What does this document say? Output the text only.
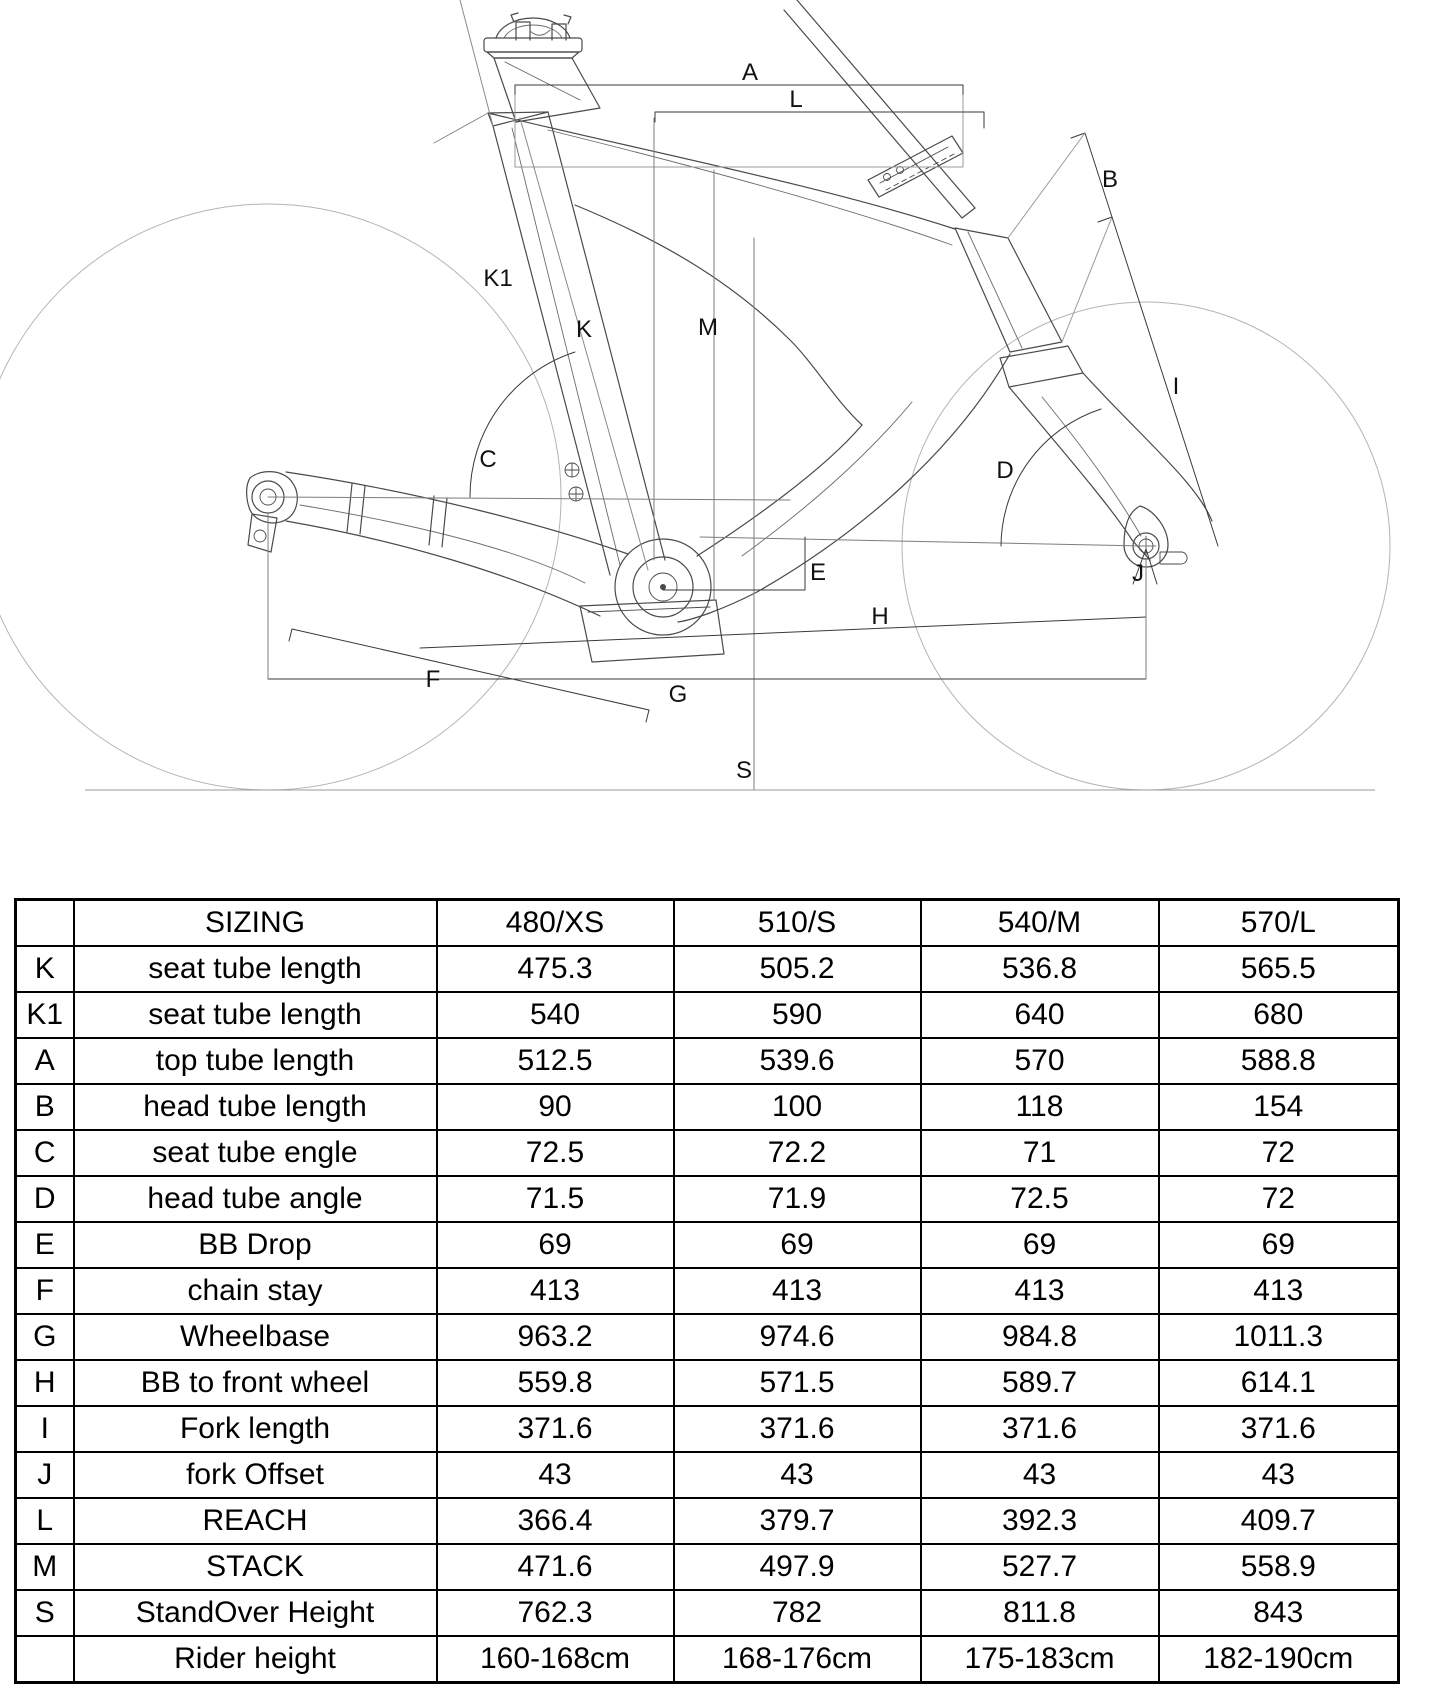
A
L
B
K1
K	M
I
C	D
E	J
H
F
G
S
	SIZING	480/XS	510/S	540/M	570/L
K	seat tube length	475.3	505.2	536.8	565.5
K1	seat tube length	540	590	640	680
A	top tube length	512.5	539.6	570	588.8
B	head tube length	90	100	118	154
C	seat tube engle	72.5	72.2	71	72
D	head tube angle	71.5	71.9	72.5	72
E	BB Drop	69	69	69	69
F	chain stay	413	413	413	413
G	Wheelbase	963.2	974.6	984.8	1011.3
H	BB to front wheel	559.8	571.5	589.7	614.1
I	Fork length	371.6	371.6	371.6	371.6
J	fork Offset	43	43	43	43
L	REACH	366.4	379.7	392.3	409.7
M	STACK	471.6	497.9	527.7	558.9
S	StandOver Height	762.3	782	811.8	843
	Rider height	160-168cm	168-176cm	175-183cm	182-190cm
